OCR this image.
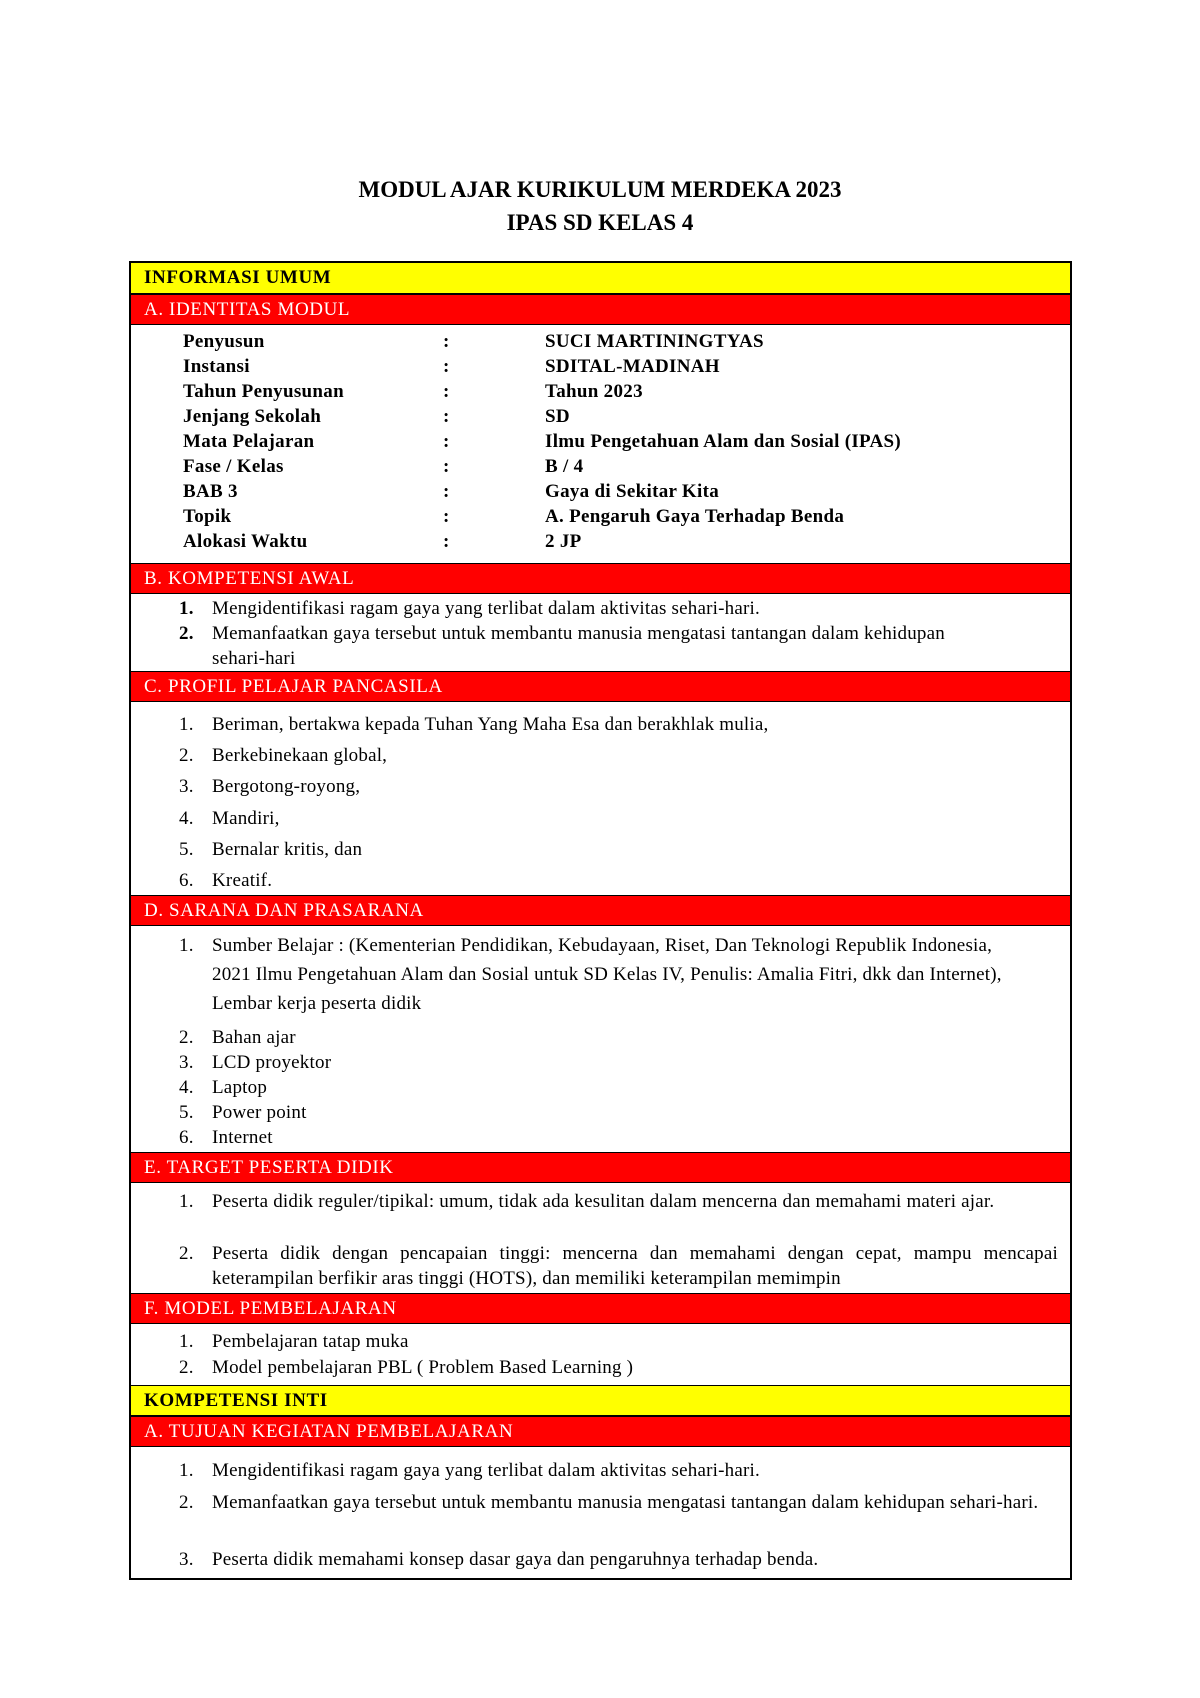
MODUL AJAR KURIKULUM MERDEKA 2023
IPAS SD KELAS 4
INFORMASI UMUM
A. IDENTITAS MODUL
Penyusun	:	SUCI MARTININGTYAS
Instansi	:	SDITAL-MADINAH
Tahun Penyusunan	:	Tahun 2023
Jenjang Sekolah	:	SD
Mata Pelajaran	:	Ilmu Pengetahuan Alam dan Sosial (IPAS)
Fase / Kelas	:	B / 4
BAB 3	:	Gaya di Sekitar Kita
Topik	:	A. Pengaruh Gaya Terhadap Benda
Alokasi Waktu	:	2 JP
B. KOMPETENSI AWAL
1. Mengidentifikasi ragam gaya yang terlibat dalam aktivitas sehari-hari.
2. Memanfaatkan gaya tersebut untuk membantu manusia mengatasi tantangan dalam kehidupan sehari-hari
C. PROFIL PELAJAR PANCASILA
1. Beriman, bertakwa kepada Tuhan Yang Maha Esa dan berakhlak mulia,
2. Berkebinekaan global,
3. Bergotong-royong,
4. Mandiri,
5. Bernalar kritis, dan
6. Kreatif.
D. SARANA DAN PRASARANA
1. Sumber Belajar : (Kementerian Pendidikan, Kebudayaan, Riset, Dan Teknologi Republik Indonesia, 2021 Ilmu Pengetahuan Alam dan Sosial untuk SD Kelas IV, Penulis: Amalia Fitri, dkk dan Internet), Lembar kerja peserta didik
2. Bahan ajar
3. LCD proyektor
4. Laptop
5. Power point
6. Internet
E. TARGET PESERTA DIDIK
1. Peserta didik reguler/tipikal: umum, tidak ada kesulitan dalam mencerna dan memahami materi ajar.
2. Peserta didik dengan pencapaian tinggi: mencerna dan memahami dengan cepat, mampu mencapai keterampilan berfikir aras tinggi (HOTS), dan memiliki keterampilan memimpin
F. MODEL PEMBELAJARAN
1. Pembelajaran tatap muka
2. Model pembelajaran PBL ( Problem Based Learning )
KOMPETENSI INTI
A. TUJUAN KEGIATAN PEMBELAJARAN
1. Mengidentifikasi ragam gaya yang terlibat dalam aktivitas sehari-hari.
2. Memanfaatkan gaya tersebut untuk membantu manusia mengatasi tantangan dalam kehidupan sehari-hari.
3. Peserta didik memahami konsep dasar gaya dan pengaruhnya terhadap benda.
